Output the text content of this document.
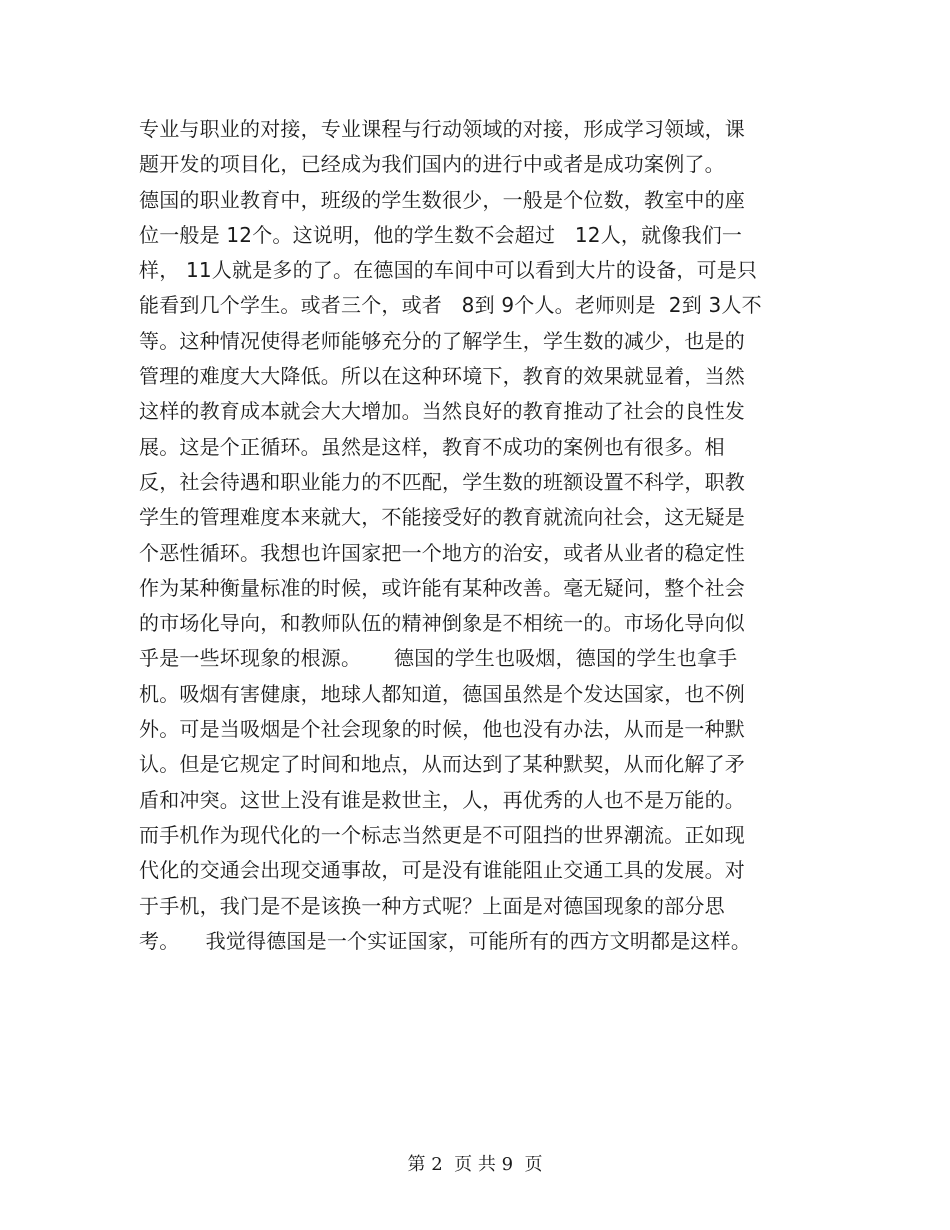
专业与职业的对接，专业课程与行动领域的对接，形成学习领域，课
题开发的项目化，已经成为我们国内的进行中或者是成功案例了。
德国的职业教育中，班级的学生数很少，一般是个位数，教室中的座
位一般是 12个。这说明，他的学生数不会超过   12人，就像我们一
样， 11人就是多的了。在德国的车间中可以看到大片的设备，可是只
能看到几个学生。或者三个，或者   8到 9个人。老师则是  2到 3人不
等。这种情况使得老师能够充分的了解学生，学生数的减少，也是的
管理的难度大大降低。所以在这种环境下，教育的效果就显着，当然
这样的教育成本就会大大增加。当然良好的教育推动了社会的良性发
展。这是个正循环。虽然是这样，教育不成功的案例也有很多。相
反，社会待遇和职业能力的不匹配，学生数的班额设置不科学，职教
学生的管理难度本来就大，不能接受好的教育就流向社会，这无疑是
个恶性循环。我想也许国家把一个地方的治安，或者从业者的稳定性
作为某种衡量标准的时候，或许能有某种改善。毫无疑问，整个社会
的市场化导向，和教师队伍的精神倒象是不相统一的。市场化导向似
乎是一些坏现象的根源。     德国的学生也吸烟，德国的学生也拿手
机。吸烟有害健康，地球人都知道，德国虽然是个发达国家，也不例
外。可是当吸烟是个社会现象的时候，他也没有办法，从而是一种默
认。但是它规定了时间和地点，从而达到了某种默契，从而化解了矛
盾和冲突。这世上没有谁是救世主，人，再优秀的人也不是万能的。
而手机作为现代化的一个标志当然更是不可阻挡的世界潮流。正如现
代化的交通会出现交通事故，可是没有谁能阻止交通工具的发展。对
于手机，我门是不是该换一种方式呢？上面是对德国现象的部分思
考。    我觉得德国是一个实证国家，可能所有的西方文明都是这样。
第 2  页 共 9  页
